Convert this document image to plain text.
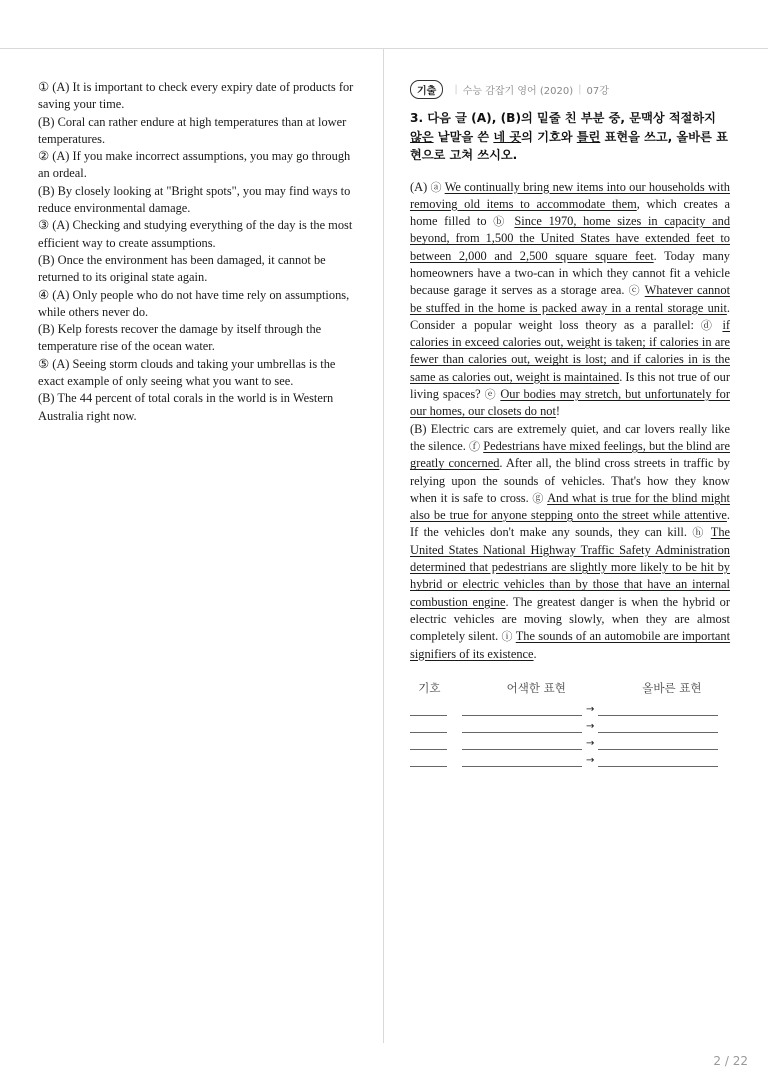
① (A) It is important to check every expiry date of products for saving your time.

(B) Coral can rather endure at high temperatures than at lower temperatures.

② (A) If you make incorrect assumptions, you may go through an ordeal.

(B) By closely looking at "Bright spots", you may find ways to reduce environmental damage.

③ (A) Checking and studying everything of the day is the most efficient way to create assumptions.

(B) Once the environment has been damaged, it cannot be returned to its original state again.

④ (A) Only people who do not have time rely on assumptions, while others never do.

(B) Kelp forests recover the damage by itself through the temperature rise of the ocean water.

⑤ (A) Seeing storm clouds and taking your umbrellas is the exact example of only seeing what you want to see.

(B) The 44 percent of total corals in the world is in Western Australia right now.

기출	| 수능 감잡기 영어 (2020) | 07강
3. 다음 글 (A), (B)의 밑줄 친 부분 중, 문맥상 적절하지 않은 낱말을 쓴 네 곳의 기호와 틀린 표현을 쓰고, 올바른 표현으로 고쳐 쓰시오.

(A) ⓐ We continually bring new items into our households with removing old items to accommodate them, which creates a home filled to ⓑ Since 1970, home sizes in capacity and beyond, from 1,500 the United States have extended feet to between 2,000 and 2,500 square square feet. Today many homeowners have a two-can in which they cannot fit a vehicle because garage it serves as a storage area. ⓒ Whatever cannot be stuffed in the home is packed away in a rental storage unit. Consider a popular weight loss theory as a parallel: ⓓ if calories in exceed calories out, weight is taken; if calories in are fewer than calories out, weight is lost; and if calories in is the same as calories out, weight is maintained. Is this not true of our living spaces? ⓔ Our bodies may stretch, but unfortunately for our homes, our closets do not!

(B) Electric cars are extremely quiet, and car lovers really like the silence. ⓕ Pedestrians have mixed feelings, but the blind are greatly concerned. After all, the blind cross streets in traffic by relying upon the sounds of vehicles. That's how they know when it is safe to cross. ⓖ And what is true for the blind might also be true for anyone stepping onto the street while attentive. If the vehicles don't make any sounds, they can kill. ⓗ The United States National Highway Traffic Safety Administration determined that pedestrians are slightly more likely to be hit by hybrid or electric vehicles than by those that have an internal combustion engine. The greatest danger is when the hybrid or electric vehicles are moving slowly, when they are almost completely silent. ⓘ The sounds of an automobile are important signifiers of its existence.

기호	어색한 표현	올바른 표현
→
→
→
→
2 / 22
